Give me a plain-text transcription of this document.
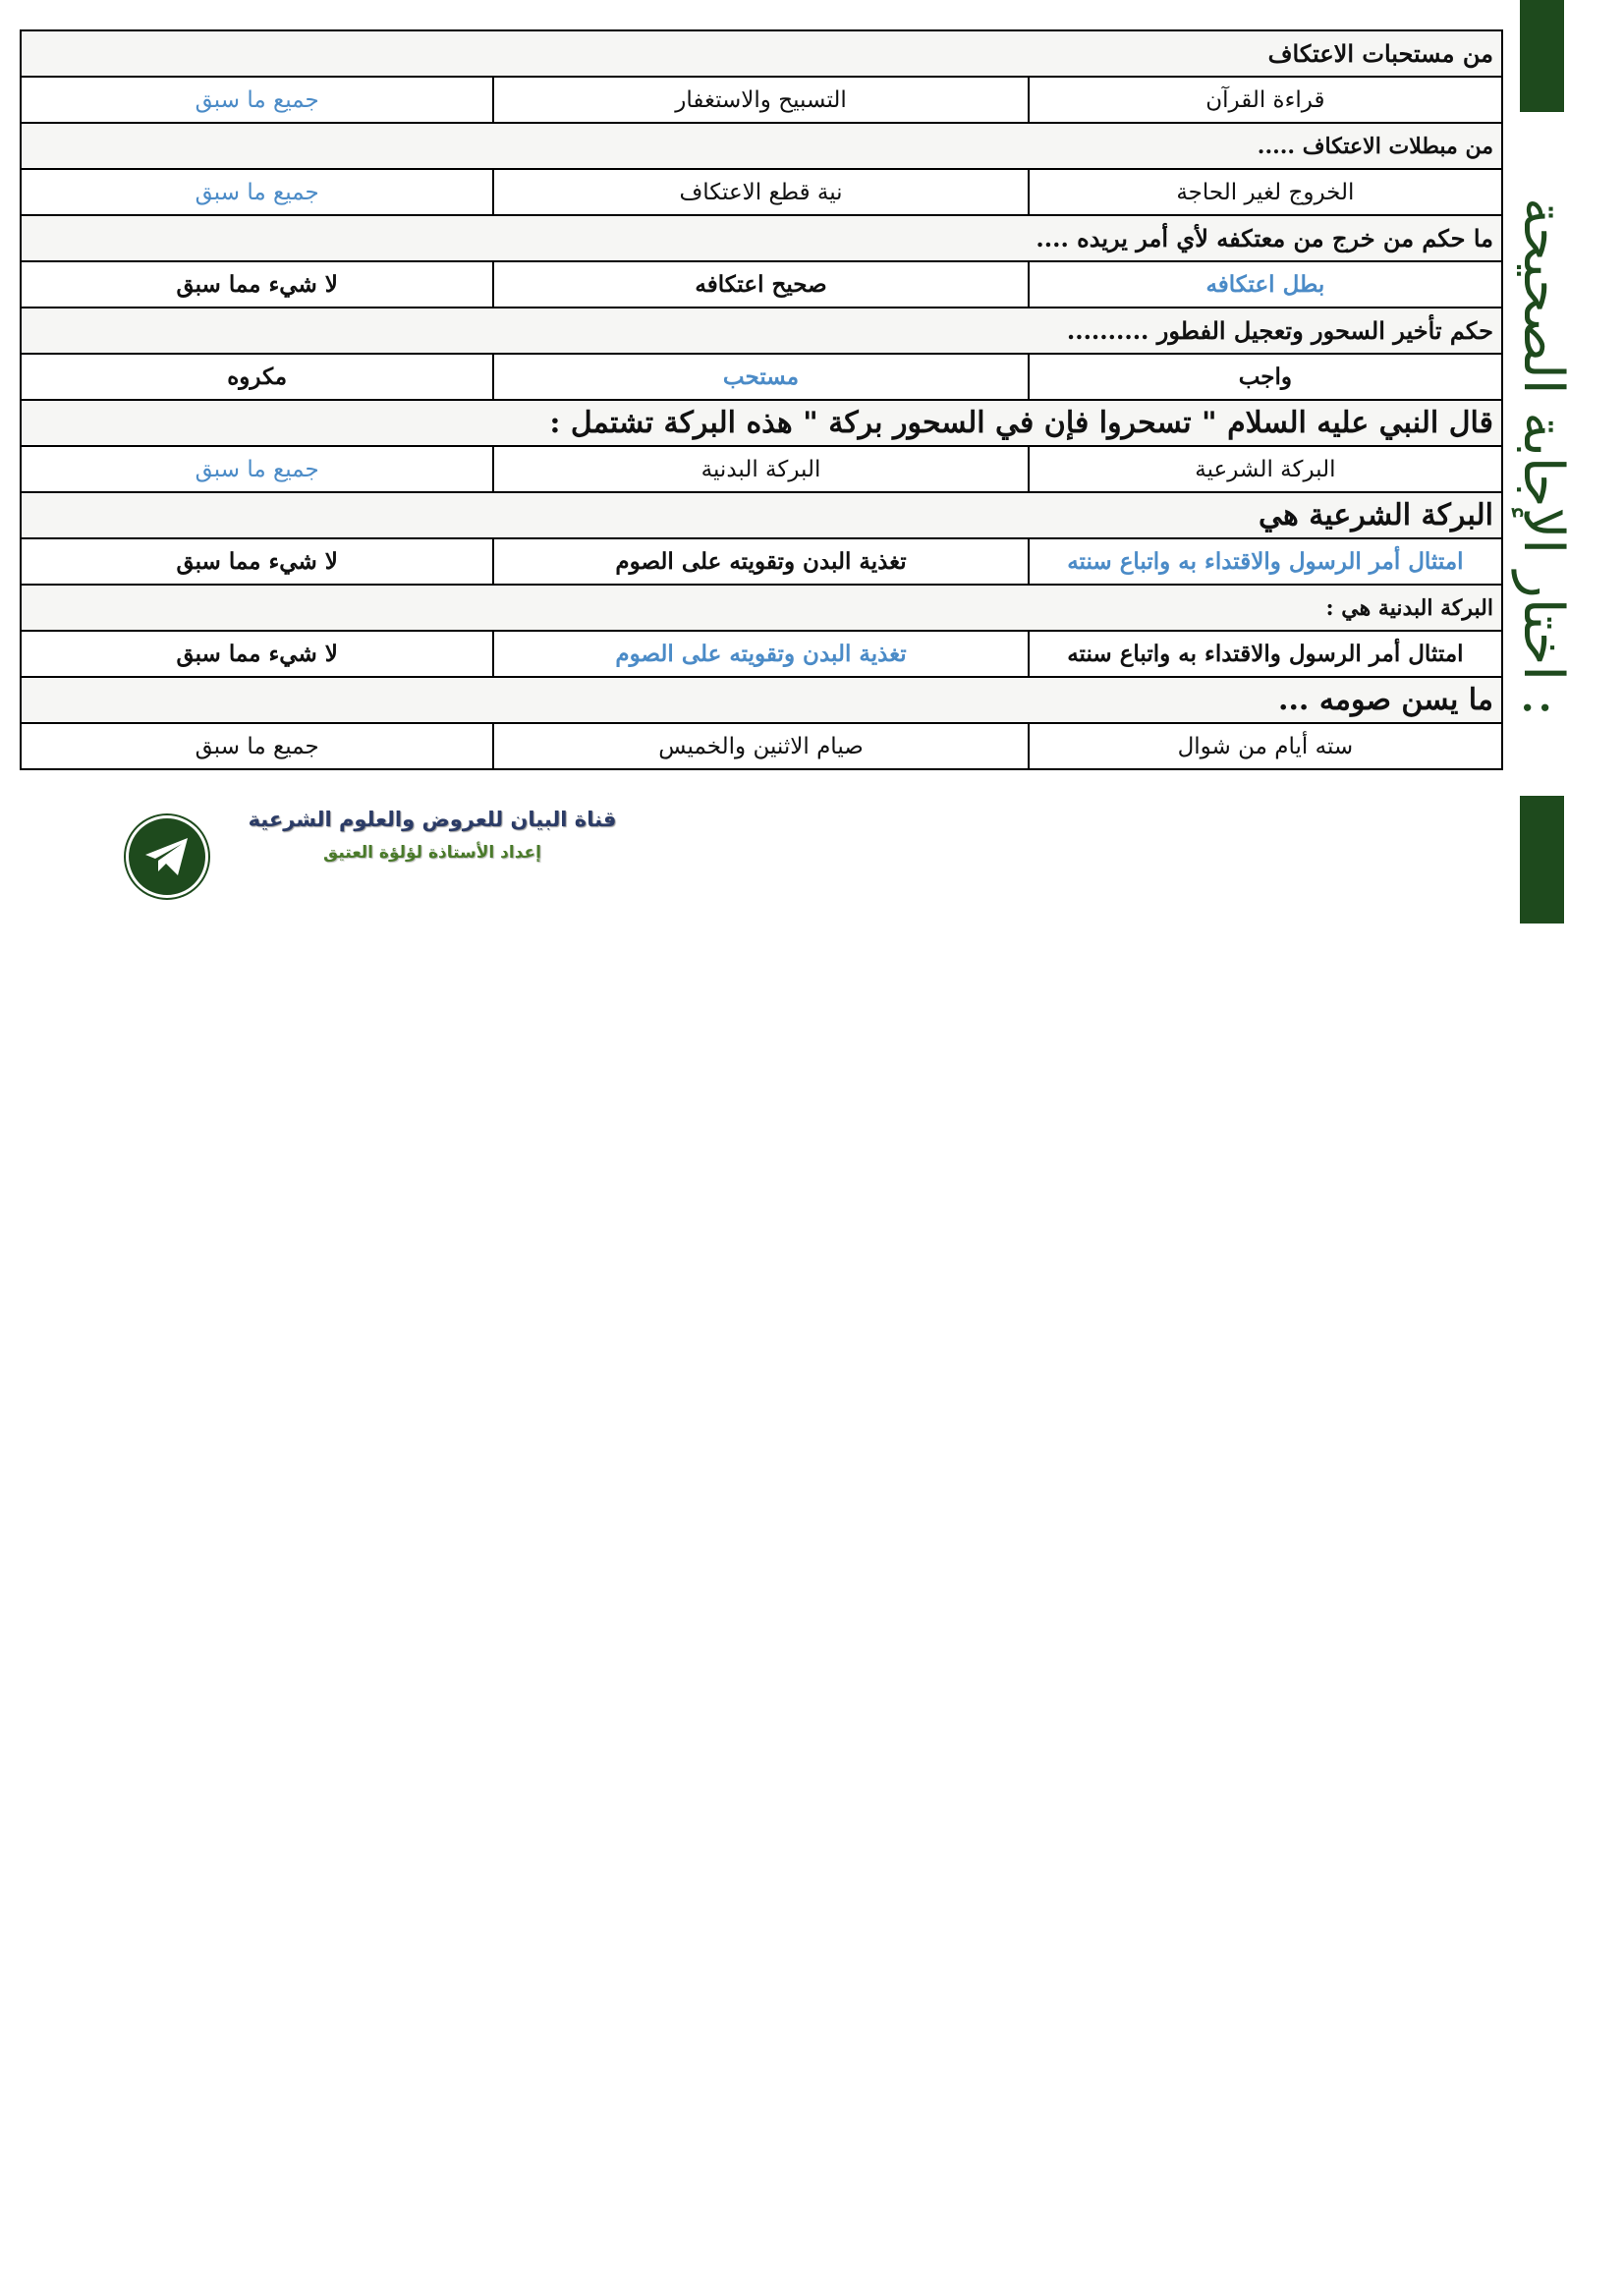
اختار الإجابة الصحيحة :
من مستحبات الاعتكاف		
قراءة القرآن	التسبيح والاستغفار	جميع ما سبق
من مبطلات الاعتكاف .....		
الخروج لغير الحاجة	نية قطع الاعتكاف	جميع ما سبق
ما حكم من خرج من معتكفه لأي أمر يريده ....		
بطل اعتكافه	صحيح اعتكافه	لا شيء مما سبق
حكم تأخير السحور وتعجيل الفطور ..........		
واجب	مستحب	مكروه
قال النبي عليه السلام " تسحروا فإن في السحور بركة " هذه البركة تشتمل :		
البركة الشرعية	البركة البدنية	جميع ما سبق
البركة الشرعية هي		
امتثال أمر الرسول والاقتداء به واتباع سنته	تغذية البدن وتقويته على الصوم	لا شيء مما سبق
البركة البدنية هي :		
امتثال أمر الرسول والاقتداء به واتباع سنته	تغذية البدن وتقويته على الصوم	لا شيء مما سبق
ما يسن صومه ...		
سته أيام من شوال	صيام الاثنين والخميس	جميع ما سبق
قناة البيان للعروض والعلوم الشرعية
إعداد الأستاذة لؤلؤة العتيق
